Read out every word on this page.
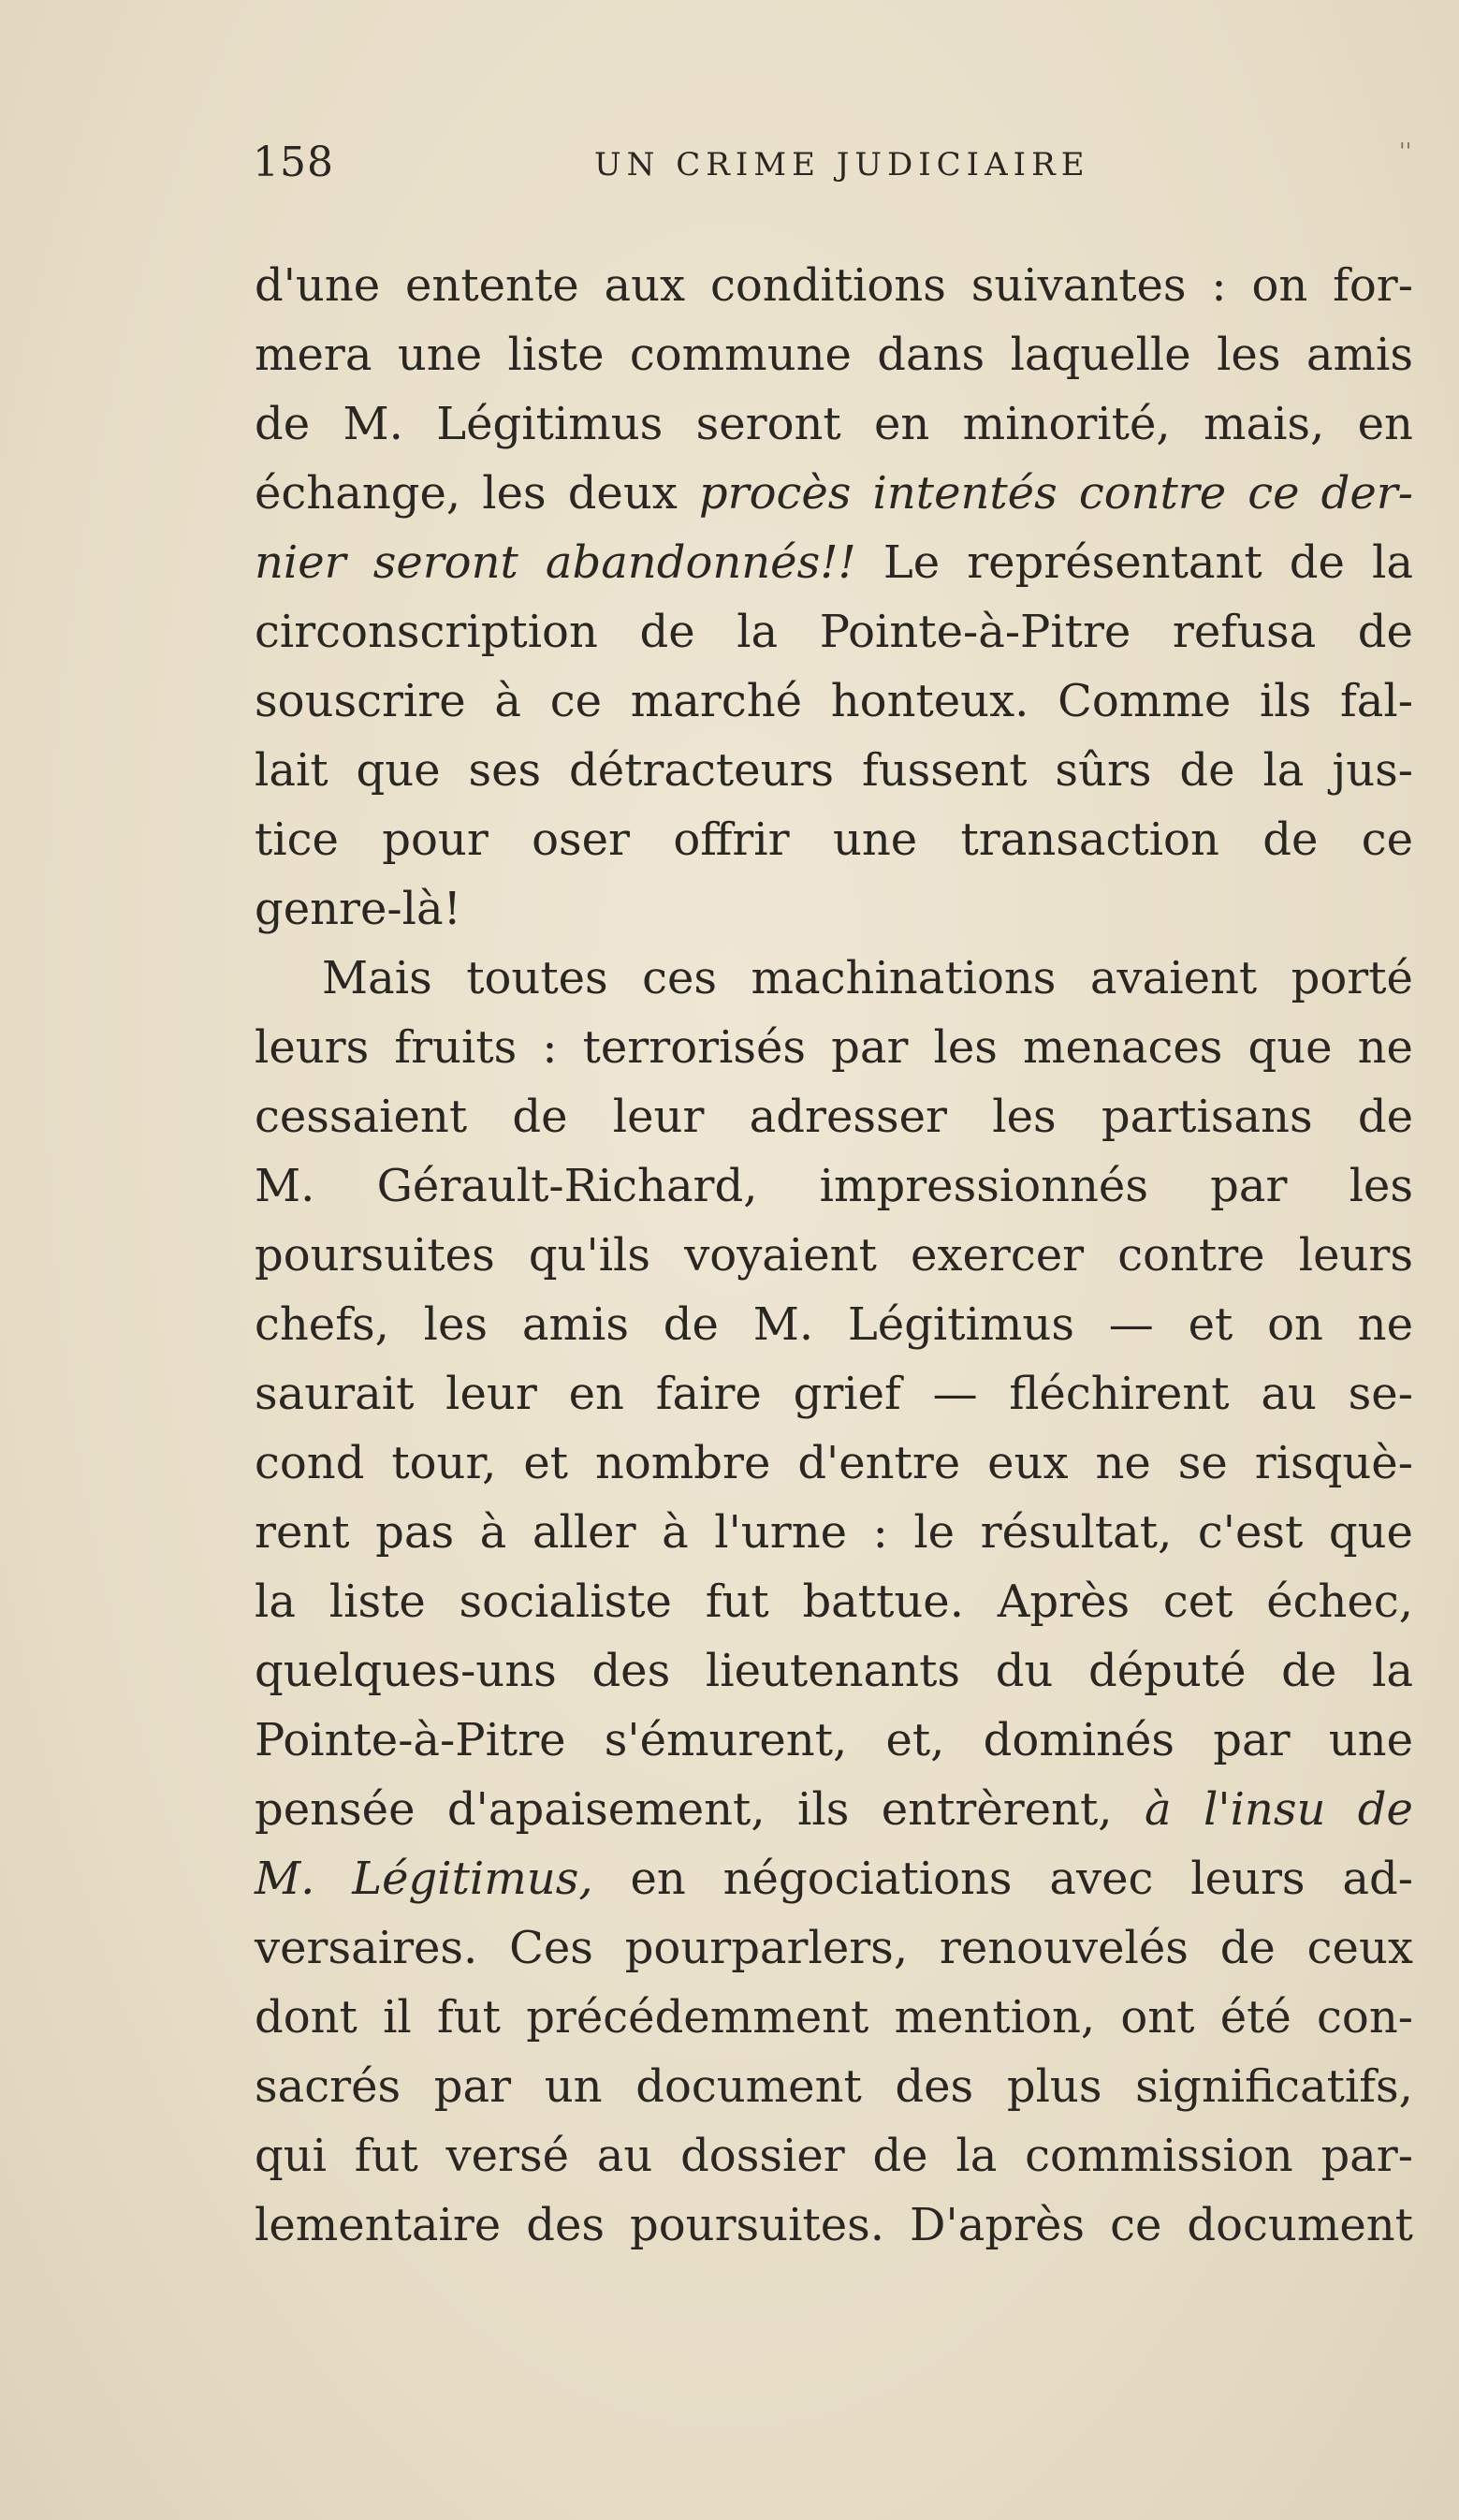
158	UN CRIME JUDICIAIRE	''
d'une entente aux conditions suivantes : on for-
mera une liste commune dans laquelle les amis
de M. Légitimus seront en minorité, mais, en
échange, les deux procès intentés contre ce der-
nier seront abandonnés!! Le représentant de la
circonscription de la Pointe-à-Pitre refusa de
souscrire à ce marché honteux. Comme ils fal-
lait que ses détracteurs fussent sûrs de la jus-
tice pour oser offrir une transaction de ce
genre-là!
Mais toutes ces machinations avaient porté
leurs fruits : terrorisés par les menaces que ne
cessaient de leur adresser les partisans de
M. Gérault-Richard, impressionnés par les
poursuites qu'ils voyaient exercer contre leurs
chefs, les amis de M. Légitimus — et on ne
saurait leur en faire grief — fléchirent au se-
cond tour, et nombre d'entre eux ne se risquè-
rent pas à aller à l'urne : le résultat, c'est que
la liste socialiste fut battue. Après cet échec,
quelques-uns des lieutenants du député de la
Pointe-à-Pitre s'émurent, et, dominés par une
pensée d'apaisement, ils entrèrent, à l'insu de
M. Légitimus, en négociations avec leurs ad-
versaires. Ces pourparlers, renouvelés de ceux
dont il fut précédemment mention, ont été con-
sacrés par un document des plus significatifs,
qui fut versé au dossier de la commission par-
lementaire des poursuites. D'après ce document
